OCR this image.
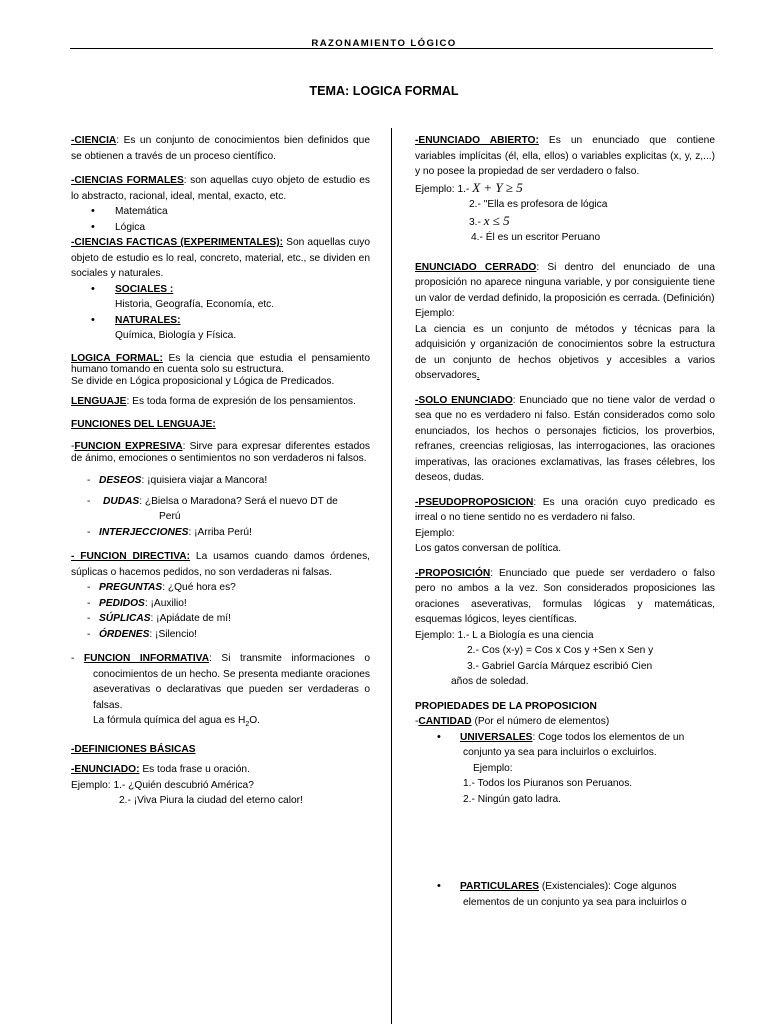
RAZONAMIENTO LÓGICO
TEMA: LOGICA FORMAL

-CIENCIA: Es un conjunto de conocimientos bien definidos que se obtienen a través de un proceso científico.

-CIENCIAS FORMALES: son aquellas cuyo objeto de estudio es lo abstracto, racional, ideal, mental, exacto, etc.

• Matemática
• Lógica

-CIENCIAS FACTICAS (EXPERIMENTALES): Son aquellas cuyo objeto de estudio es lo real, concreto, material, etc., se dividen en sociales y naturales.

• SOCIALES :
Historia, Geografía, Economía, etc.
• NATURALES:
Química, Biología y Física.

LOGICA FORMAL: Es la ciencia que estudia el pensamiento humano tomando en cuenta solo su estructura.

Se divide en Lógica proposicional y Lógica de Predicados.

LENGUAJE: Es toda forma de expresión de los pensamientos.

FUNCIONES DEL LENGUAJE:

-FUNCION EXPRESIVA: Sirve para expresar diferentes estados de ánimo, emociones o sentimientos no son verdaderos ni falsos.

- DESEOS: ¡quisiera viajar a Mancora!
- DUDAS: ¿Bielsa o Maradona? Será el nuevo DT de
Perú
- INTERJECCIONES: ¡Arriba Perú!

- FUNCION DIRECTIVA: La usamos cuando damos órdenes, súplicas o hacemos pedidos, no son verdaderas ni falsas.

- PREGUNTAS: ¿Qué hora es?
- PEDIDOS: ¡Auxilio!
- SÚPLICAS: ¡Apiádate de mí!
- ÓRDENES: ¡Silencio!

- FUNCION INFORMATIVA: Si transmite informaciones o conocimientos de un hecho. Se presenta mediante oraciones aseverativas o declarativas que pueden ser verdaderas o falsas.

La fórmula química del agua es $H_2O$.

-DEFINICIONES BÁSICAS

-ENUNCIADO: Es toda frase u oración.

Ejemplo: 1.- ¿Quién descubrió América?
2.- ¡Viva Piura la ciudad del eterno calor!

-ENUNCIADO ABIERTO: Es un enunciado que contiene variables implícitas (él, ella, ellos) o variables explicitas (x, y, z,...) y no posee la propiedad de ser verdadero o falso.

Ejemplo: 1.- X + Y ≥ 5
2.- "Ella es profesora de lógica
3.- x ≤ 5
4.- Él es un escritor Peruano

ENUNCIADO CERRADO: Si dentro del enunciado de una proposición no aparece ninguna variable, y por consiguiente tiene un valor de verdad definido, la proposición es cerrada. (Definición)

Ejemplo:

La ciencia es un conjunto de métodos y técnicas para la adquisición y organización de conocimientos sobre la estructura de un conjunto de hechos objetivos y accesibles a varios observadores.

-SOLO ENUNCIADO: Enunciado que no tiene valor de verdad o sea que no es verdadero ni falso. Están considerados como solo enunciados, los hechos o personajes ficticios, los proverbios, refranes, creencias religiosas, las interrogaciones, las oraciones imperativas, las oraciones exclamativas, las frases célebres, los deseos, dudas.

-PSEUDOPROPOSICION: Es una oración cuyo predicado es irreal o no tiene sentido no es verdadero ni falso.

Ejemplo:
Los gatos conversan de política.

-PROPOSICIÓN: Enunciado que puede ser verdadero o falso pero no ambos a la vez. Son considerados proposiciones las oraciones aseverativas, formulas lógicas y matemáticas, esquemas lógicos, leyes científicas.

Ejemplo: 1.- L a Biología es una ciencia
2.- Cos (x-y) = Cos x Cos y +Sen x Sen y
3.- Gabriel García Márquez escribió Cien
años de soledad.
PROPIEDADES DE LA PROPOSICION
-CANTIDAD (Por el número de elementos)
• UNIVERSALES: Coge todos los elementos de un
conjunto ya sea para incluirlos o excluirlos.
Ejemplo:
1.- Todos los Piuranos son Peruanos.
2.- Ningún gato ladra.
• PARTICULARES (Existenciales): Coge algunos
elementos de un conjunto ya sea para incluirlos o
